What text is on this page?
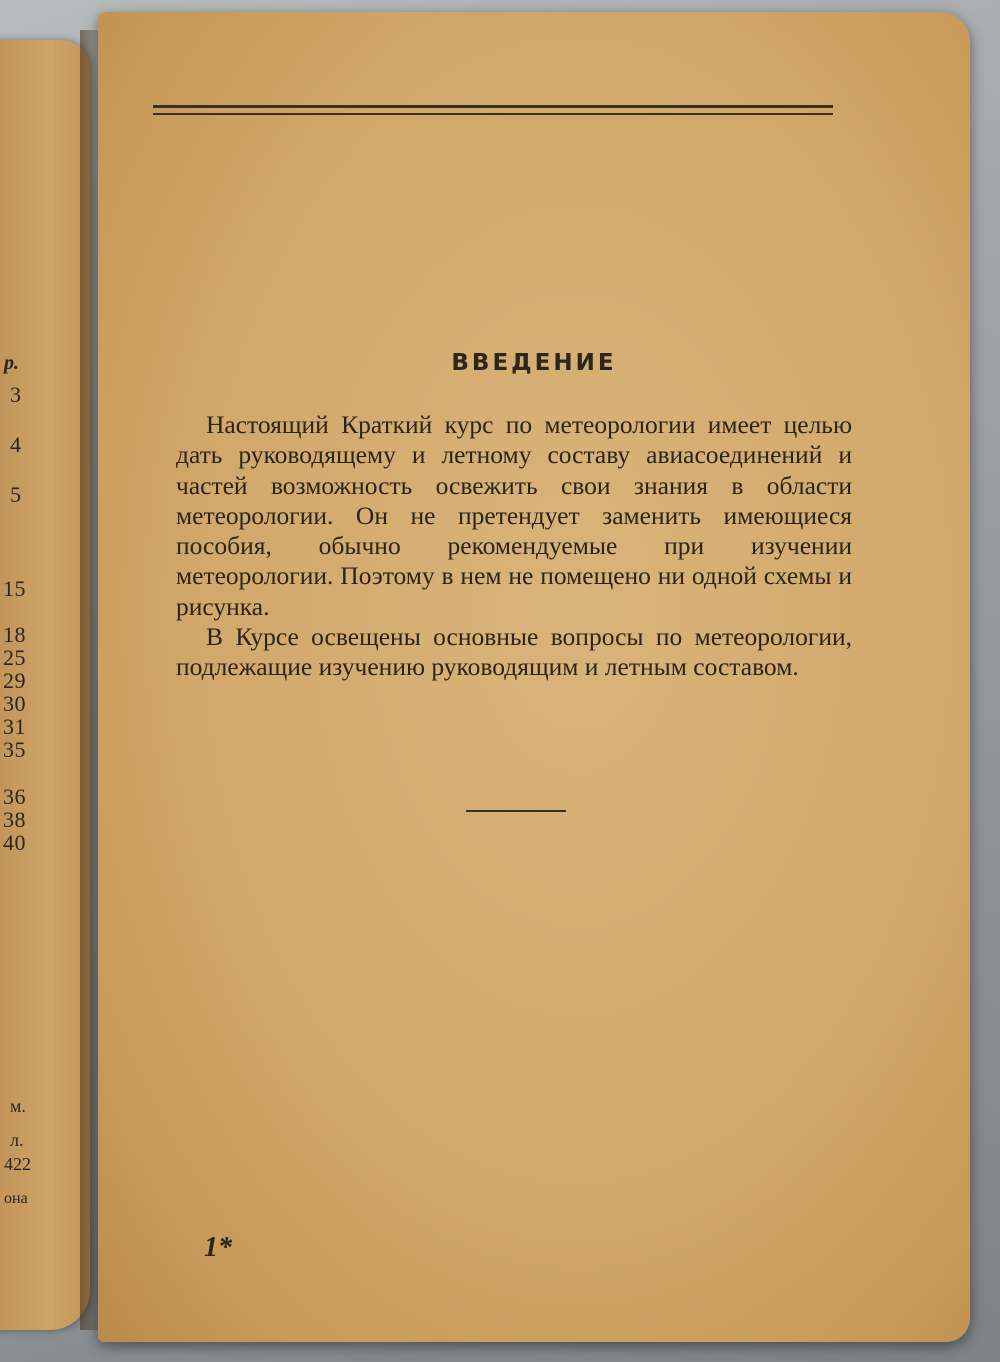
р.
3
4
5
15
18
25
29
30
31
35
36
38
40
м.
л.
422
она
ВВЕДЕНИЕ

Настоящий Краткий курс по метеорологии имеет целью дать руководящему и летному составу авиасоединений и частей возможность освежить свои знания в области метеорологии. Он не претендует заменить имеющиеся пособия, обычно рекомендуемые при изучении метеорологии. Поэтому в нем не помещено ни одной схемы и рисунка.

В Курсе освещены основные вопросы по метеорологии, подлежащие изучению руководящим и летным составом.

1*
